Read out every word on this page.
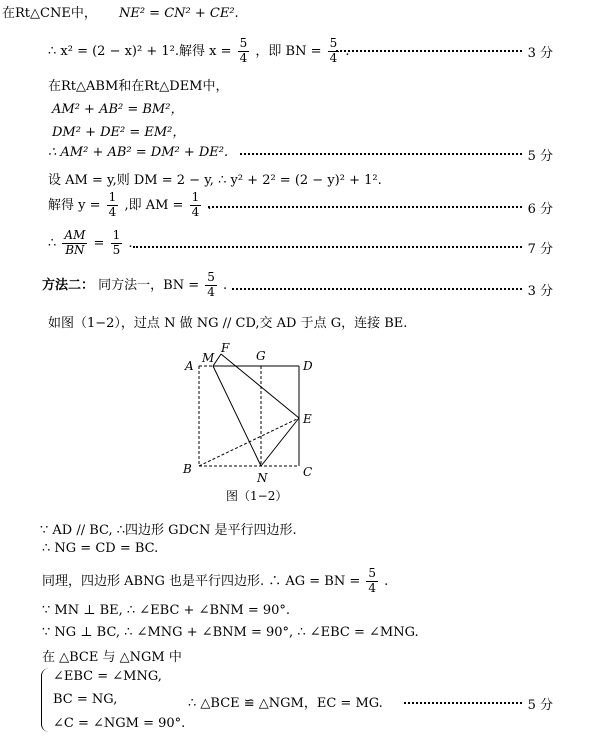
在Rt△CNE中， NE² = CN² + CE².
∴ x² = (2 − x)² + 1².解得 $x = \frac{5}{4}$ ，即 BN = $\frac{5}{4}$ .	3 分
在Rt△ABM和在Rt△DEM中，
AM² + AB² = BM²，
DM² + DE² = EM²，
∴ AM² + AB² = DM² + DE².	5 分
设 AM = y,则 DM = 2 − y, ∴ y² + 2² = (2 − y)² + 1².
解得 $y = \frac{1}{4}$ ,即 AM = $\frac{1}{4}$ .	6 分
∴ $\frac{AM}{BN} = \frac{1}{5}$ .	7 分
方法二： 同方法一，BN = $\frac{5}{4}$ .	3 分
如图（1−2），过点 N 做 NG // CD,交 AD 于点 G，连接 BE.
A
M
F
G
D
E
B
N	C
图（1−2）
∵ AD // BC, ∴四边形 GDCN 是平行四边形.
∴ NG = CD = BC.
同理，四边形 ABNG 也是平行四边形. ∴ AG = BN = $\frac{5}{4}$ .
∵ MN ⊥ BE, ∴ ∠EBC + ∠BNM = 90°.
∵ NG ⊥ BC, ∴ ∠MNG + ∠BNM = 90°, ∴ ∠EBC = ∠MNG.
在 △BCE 与 △NGM 中
∠EBC = ∠MNG,
BC = NG,
∠C = ∠NGM = 90°.
∴ △BCE ≌ △NGM，EC = MG.	5 分
